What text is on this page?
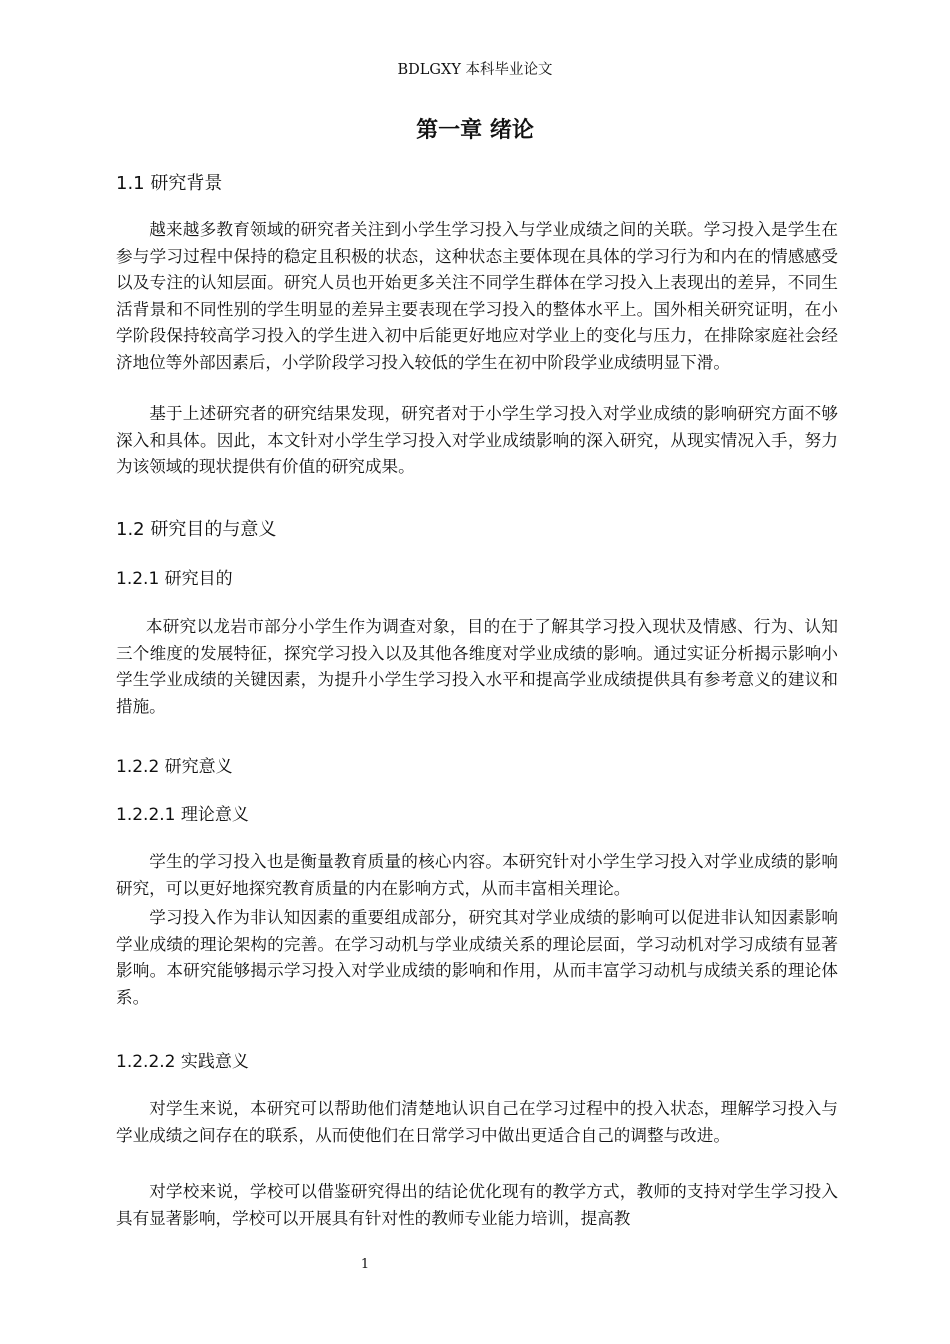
BDLGXY 本科毕业论文
第一章 绪论
1.1 研究背景

越来越多教育领域的研究者关注到小学生学习投入与学业成绩之间的关联。学习投入是学生在参与学习过程中保持的稳定且积极的状态，这种状态主要体现在具体的学习行为和内在的情感感受以及专注的认知层面。研究人员也开始更多关注不同学生群体在学习投入上表现出的差异，不同生活背景和不同性别的学生明显的差异主要表现在学习投入的整体水平上。国外相关研究证明，在小学阶段保持较高学习投入的学生进入初中后能更好地应对学业上的变化与压力，在排除家庭社会经济地位等外部因素后，小学阶段学习投入较低的学生在初中阶段学业成绩明显下滑。

基于上述研究者的研究结果发现，研究者对于小学生学习投入对学业成绩的影响研究方面不够深入和具体。因此，本文针对小学生学习投入对学业成绩影响的深入研究，从现实情况入手，努力为该领域的现状提供有价值的研究成果。

1.2 研究目的与意义
1.2.1 研究目的

本研究以龙岩市部分小学生作为调查对象，目的在于了解其学习投入现状及情感、行为、认知三个维度的发展特征，探究学习投入以及其他各维度对学业成绩的影响。通过实证分析揭示影响小学生学业成绩的关键因素，为提升小学生学习投入水平和提高学业成绩提供具有参考意义的建议和措施。

1.2.2 研究意义
1.2.2.1 理论意义

学生的学习投入也是衡量教育质量的核心内容。本研究针对小学生学习投入对学业成绩的影响研究，可以更好地探究教育质量的内在影响方式，从而丰富相关理论。

学习投入作为非认知因素的重要组成部分，研究其对学业成绩的影响可以促进非认知因素影响学业成绩的理论架构的完善。在学习动机与学业成绩关系的理论层面，学习动机对学习成绩有显著影响。本研究能够揭示学习投入对学业成绩的影响和作用，从而丰富学习动机与成绩关系的理论体系。

1.2.2.2 实践意义

对学生来说，本研究可以帮助他们清楚地认识自己在学习过程中的投入状态，理解学习投入与学业成绩之间存在的联系，从而使他们在日常学习中做出更适合自己的调整与改进。

对学校来说，学校可以借鉴研究得出的结论优化现有的教学方式，教师的支持对学生学习投入具有显著影响，学校可以开展具有针对性的教师专业能力培训，提高教

1
